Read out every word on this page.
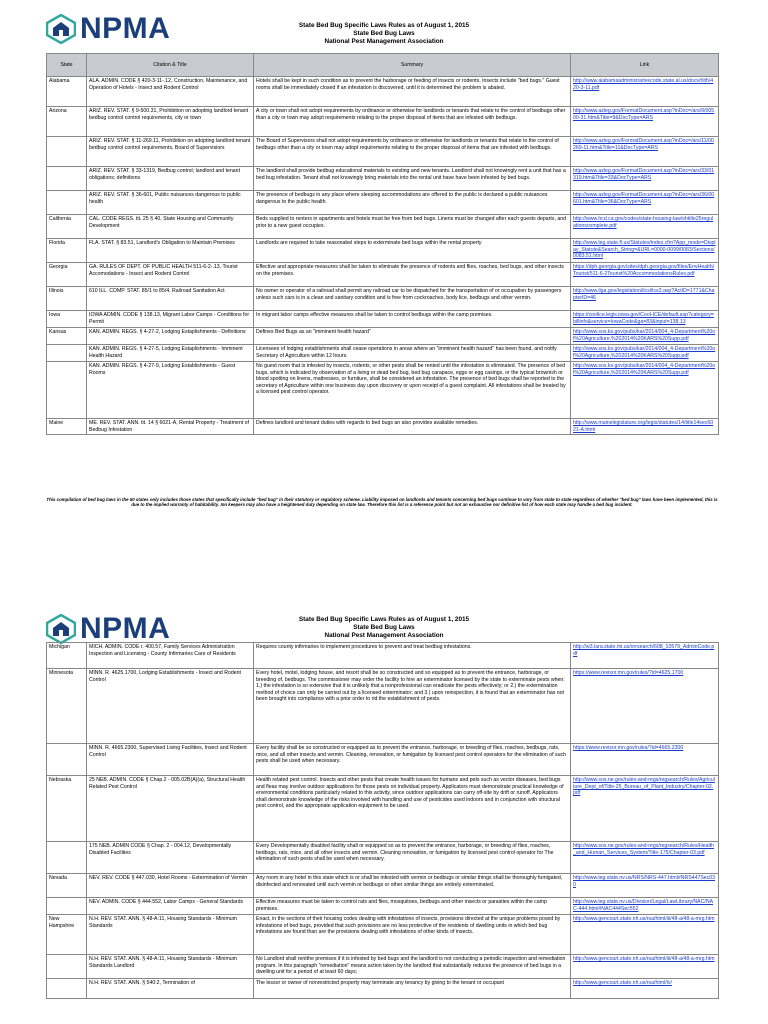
NPMA	State Bed Bug Specific Laws Rules as of August 1, 2015
State Bed Bug Laws
National Pest Management Association
State	Citation & Title	Summary	Link
Alabama	ALA. ADMIN. CODE § 420-3-11-.12, Construction, Maintenance, and Operation of Hotels - Insect and Rodent Control	Hotels shall be kept in such condition as to prevent the harborage or feeding of insects or rodents, Insects include "bed bugs." Guest rooms shall be immediately closed if an infestation is discovered, until it is determined the problem is abated.	http://www.alabamaadministrativecode.state.al.us/docs/hlth/420-3-11.pdf
Arizona	ARIZ. REV. STAT. § 9-500.31, Prohibition on adopting landlord tenant bedbug control control requirements, city or town	A city or town shall not adopt requirements by ordinance or otherwise for landlords or tenants that relate to the control of bedbugs other than a city or town may adopt requirements relating to the proper disposal of items that are infested with bedbugs.	http://www.azleg.gov/FormatDocument.asp?inDoc=/ars/9/00500-31.htm&Title=9&DocType=ARS
	ARIZ. REV. STAT. § 11-269.11, Prohibition on adopting landlord tenant bedbug control control requirements, Board of Supervisiors	The Board of Supervisors shall not adopt requirements by ordinance or otherwise for landlords or tenants that relate to the control of bedbugs other than a city or town may adopt requirements relating to the proper disposal of items that are infested with bedbugs.	http://www.azleg.gov/FormatDocument.asp?inDoc=/ars/11/00269-11.htm&Title=11&DocType=ARS
	ARIZ. REV. STAT. § 33-1319, Bedbug control; landlord and tenant obligations; definitions	The landlord shall provide bedbug educational materials to existing and new tenants. Landlord shall not knowingly rent a unit that has a bed bug infestation. Tenant shall not knowingly bring materials into the rental unit have have been infested by bed bugs.	http://www.azleg.gov/FormatDocument.asp?inDoc=/ars/33/01319.htm&Title=33&DocType=ARS
	ARIZ. REV. STAT. § 36-601, Public nuisances dangerous to public health	The presence of bedbugs in any place where sleeping accommodations are offered to the public is declared a public nuisances dangerous to the public health.	http://www.azleg.gov/FormatDocument.asp?inDoc=/ars/36/00601.htm&Title=36&DocType=ARS
California	CAL. CODE REGS. tit. 25 § 40, State Housing and Community Development	Beds supplied to renters in apartments and hotels must be free from bed bugs. Linens must be changed after each guests departs, and prior to a new guest occupies.	http://www.hcd.ca.gov/codes/state-housing-law/shtitle25regulationscomplete.pdf
Florida	FLA. STAT. § 83.51, Landlord's Obligation to Maintain Premises	Landlords are required to take reasonabel steps to exterminate bed bugs within the rental property	http://www.leg.state.fl.us/Statutes/index.cfm?App_mode=Display_Statute&Search_String=&URL=0000-0099/0083/Sections/0083.51.html
Georgia	GA. RULES OF DEPT. OF PUBLIC HEALTH 511-6-2-.13, Tourist Accomodations - Insect and Rodent Control	Effective and appropriate measures shall be taken to eliminate the presence of rodents and flies, roaches, bed bugs, and other insects on the premises.	https://dph.georgia.gov/sites/dph.georgia.gov/files/EnvHealth/Tourist/511-6-2Tourist%20AccommodationsRules.pdf
Illinois	610 ILL. COMP. STAT. 85/1 to 85/4, Railroad Sanitation Act	No owner or operator of a railroad shall permit any railroad car to be dispatched for the transportation of or occupation by passengers unless such cars is in a clean and sanitary condition and is free from cockroaches, body lice, bedbugs and other vermin.	http://www.ilga.gov/legislation/ilcs/ilcs3.asp?ActID=1771&ChapterID=46
Iowa	IOWA ADMIN. CODE § 138.13, Migrant Labor Camps - Conditions for Permit	In migrant labor camps effective measures shall be taken to control bedbugs within the camp premises.	https://coolice.legis.iowa.gov/Cool-ICE/default.asp?category=billinfo&service=IowaCode&ga=83&input=138.13
Kansas	KAN. ADMIN. REGS. § 4-27-2, Lodging Estaplishments - Definitions	Defines Bed Bugs as an "imminent health hazard"	http://www.sos.ks.gov/pubs/kar/2014/004_4-Department%20of%20Agriculture,%202014%20KARS%20Supp.pdf
	KAN. ADMIN. REGS. § 4-27-5, Lodging Estaplishments - Imminent Health Hazard	Licensees of lodging establishments shall cease operations in areas where an "imminent health hazard" has been found, and notify Secretary of Agriculture within 12 hours.	http://www.sos.ks.gov/pubs/kar/2014/004_4-Department%20of%20Agriculture,%202014%20KARS%20Supp.pdf
	KAN. ADMIN. REGS. § 4-27-9, Lodging Establishments - Guest Rooms	No guest room that is infested by insects, rodents, or other pests shall be rented until the infestation is eliminated. The presence of bed bugs, which is indicated by observation of a living or dead bed bug, bed bug carapace, eggs or egg casings, or the typical brownish or blood spotting on linens, mattresses, or furniture, shall be considered an infestation. The presence of bed bugs shall be reported to the secretary of Agriculture within one business day upon discovery or upon receipt of a guest complaint. All infestations shall be treated by a licensed pest control operator.	http://www.sos.ks.gov/pubs/kar/2014/004_4-Department%20of%20Agriculture,%202014%20KARS%20Supp.pdf
Maine	ME. REV. STAT. ANN. tit. 14 § 6021-A, Rental Property - Treatment of Bedbug Infestation	Defines landlord and tenant duties with regards to bed bugs an also provides available remedies.	http://www.mainelegislature.org/legis/statutes/14/title14sec6021-A.html
This compilation of bed bug laws in the 50 states only includes those states that specifically include "bed bug" in their statutory or regulatory scheme. Liability imposed on landlords and tenants concerning bed bugs continue to vary from state to state regardless of whether "bed bug" laws have been implemented, this is due to the implied warranty of habitability. Inn keepers may also have a heightened duty depending on state law. Therefore this list is a reference point but not an exhaustive nor definitive list of how each state may handle a bed bug incident.
NPMA	State Bed Bug Specific Laws Rules as of August 1, 2015
State Bed Bug Laws
National Pest Management Association
Michigan	MICH. ADMIN. CODE r. 400.57, Family Services Administration Inspection and Licensing - County Infirmaries Care of Residents	Requires county infirmaries to implement procedures to prevent and treat bedbug infestations.	http://w3.lara.state.mi.us/orrsearch/608_10579_AdminCode.pdf
Minnesota	MINN. R. 4625.1700, Lodging Establishments - Insect and Rodent Control	Every hotel, motel, lodging house, and resort shall be so constructed and so equipped as to prevent the entrance, harborage, or breeding of, bedbugs. The commissioner may order the facility to hire an exterminator licensed by the state to exterminate pests when: 1.) the infestation is so extensive that it is unlikely that a nonprofessional can eradicate the pests effectively; or 2.) the extermination method of choice can only be carried out by a licensed exterminator; and 3.) upon reinspection, it is found that an exterminator has not been brought into compliance with a prior order to rid the establishment of pests.	https://www.revisor.mn.gov/rules/?id=4625.1700
	MINN. R. 4665.2300, Supervised Living Facilities, Insect and Rodent Control	Every facility shall be so constructed or equipped as to prevent the entrance, harborage, or breeding of flies, roaches, bedbugs, rats, mice, and all other insects and vermin. Cleaning, renovation, or fumigation by licensed pest control operators for the elimination of such pests shall be used when necessary.	https://www.revisor.mn.gov/rules/?id=4665.2300
Nebraska	25 NEB. ADMIN. CODE § Chap.2 - 005.02B(A)(a), Structural Health Related Pest Control	Health related pest control. Insects and other pests that create health issues for humans and pets such as vector diseases, bed bugs and fleas may involve outdoor applications for those pests on individual property. Applicators must demonstrate practical knowledge of environmental conditions particularly related to this activity, since outdoor applications can carry off-site by drift or runoff. Applicators shall demonstrate knowledge of the risks involved with handling and use of pesticides used indoors and in conjunction with structural pest control, and the appropriate application equipment to be used.	http://www.sos.ne.gov/rules-and-regs/regsearch/Rules/Agriculture_Dept_of/Title-25_Bureau_of_Plant_Industry/Chapter-02.pdf
	175 NEB. ADMIN CODE § Chap. 2 - 004.12, Developmentally Disabled Facilities	Every Developmentally disabled facility shall or equipped so as to prevent the entrance, harborage, or breeding of flies, roaches, bedbugs, rats, mice, and all other insects and vermin. Cleaning renovation, or fumigation by licensed pest control operator for The elimination of such pests shall be used when necessary.	http://www.sos.ne.gov/rules-and-regs/regsearch/Rules/Health_and_Human_Services_System/Title-175/Chapter-03.pdf
Nevada	NEV. REV. CODE § 447.030, Hotel Rooms - Extermination of Vermin	Any room in any hotel in this state which is or shall be infested with vermin or bedbugs or similar things shall be thoroughly fumigated, disinfected and renovated until such vermin or bedbugs or other similar things are entirely exterminated.	http://www.leg.state.nv.us/NRS/NRS-447.html#NRS447Sec030
	NEV. ADMIN. CODE § 444.552, Labor Camps - General Standards	Effective measures must be taken to control rats and flies, mosquitoes, bedbugs and other insects or parasites within the camp premises.	http://www.leg.state.nv.us/Division/Legal/LawLibrary/NAC/NAC-444.html#NAC444Sec552
New Hampshire	N.H. REV. STAT. ANN. § 48-A:11, Housing Standards - Minimum Standards	Enact, in the sections of their housing codes dealing with infestations of insects, provisions directed at the unique problems posed by infestations of bed bugs, provided that such provisions are no less protective of the residents of dwelling units in which bed bug infestations are found than are the provisions dealing with infestations of other kinds of insects.	http://www.gencourt.state.nh.us/rsa/html/iii/48-a/48-a-mrg.htm
	N.H. REV. STAT. ANN. § 48-A:11, Housing Standards - Minimum Standards Landlord	No Landlord shall rentthe premises if it is infested by bed bugs and the landlord is not conducting a periodic inspection and remediation program. In this paragraph "remediation" means action taken by the landlord that substantially reduces the presence of bed bugs in a dwelling unit for a period of at least 60 days;	http://www.gencourt.state.nh.us/rsa/html/iii/48-a/48-a-mrg.htm
	N.H. REV. STAT. ANN. § 540:2, Termination of	The lessor or owner of nonrestricted property may terminate any tenancy by giving to the tenant or occupant	http://www.gencourt.state.nh.us/rsa/html/lv/
